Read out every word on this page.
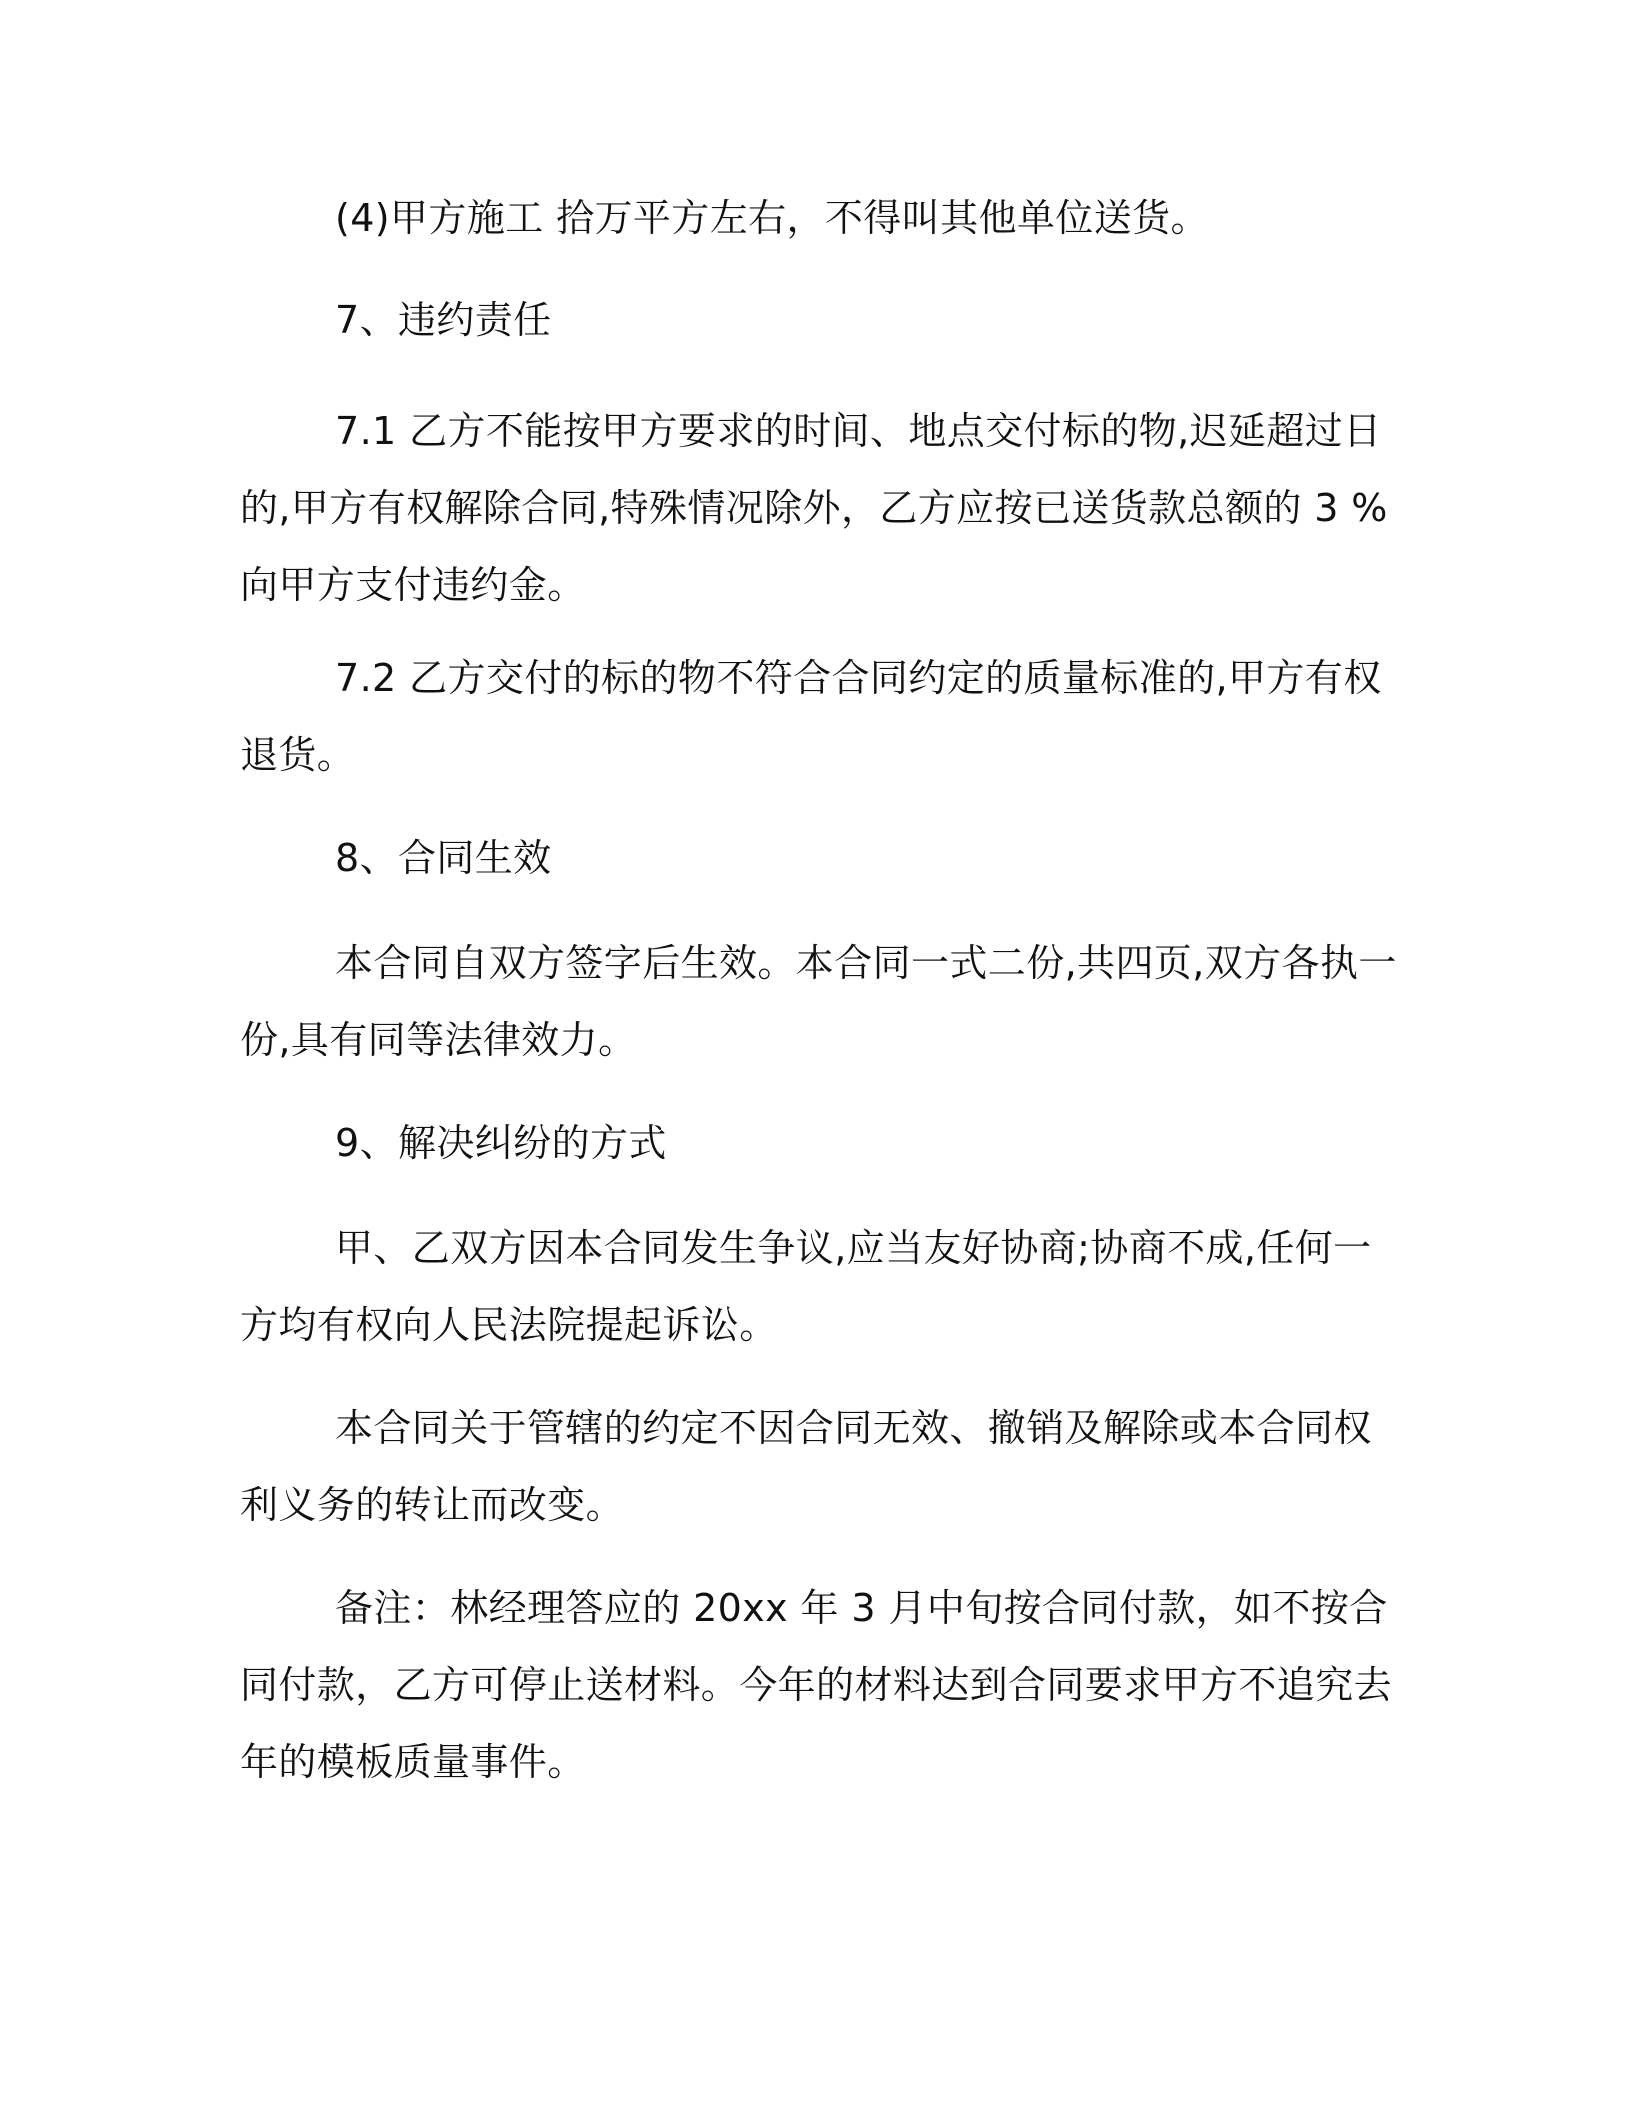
(4)甲方施工 拾万平方左右，不得叫其他单位送货。

7、违约责任

7.1 乙方不能按甲方要求的时间、地点交付标的物,迟延超过日的,甲方有权解除合同,特殊情况除外，乙方应按已送货款总额的 3 %向甲方支付违约金。

7.2 乙方交付的标的物不符合合同约定的质量标准的,甲方有权退货。

8、合同生效

本合同自双方签字后生效。本合同一式二份,共四页,双方各执一份,具有同等法律效力。

9、解决纠纷的方式

甲、乙双方因本合同发生争议,应当友好协商;协商不成,任何一方均有权向人民法院提起诉讼。

本合同关于管辖的约定不因合同无效、撤销及解除或本合同权利义务的转让而改变。

备注：林经理答应的 20xx 年 3 月中旬按合同付款，如不按合同付款，乙方可停止送材料。今年的材料达到合同要求甲方不追究去年的模板质量事件。
